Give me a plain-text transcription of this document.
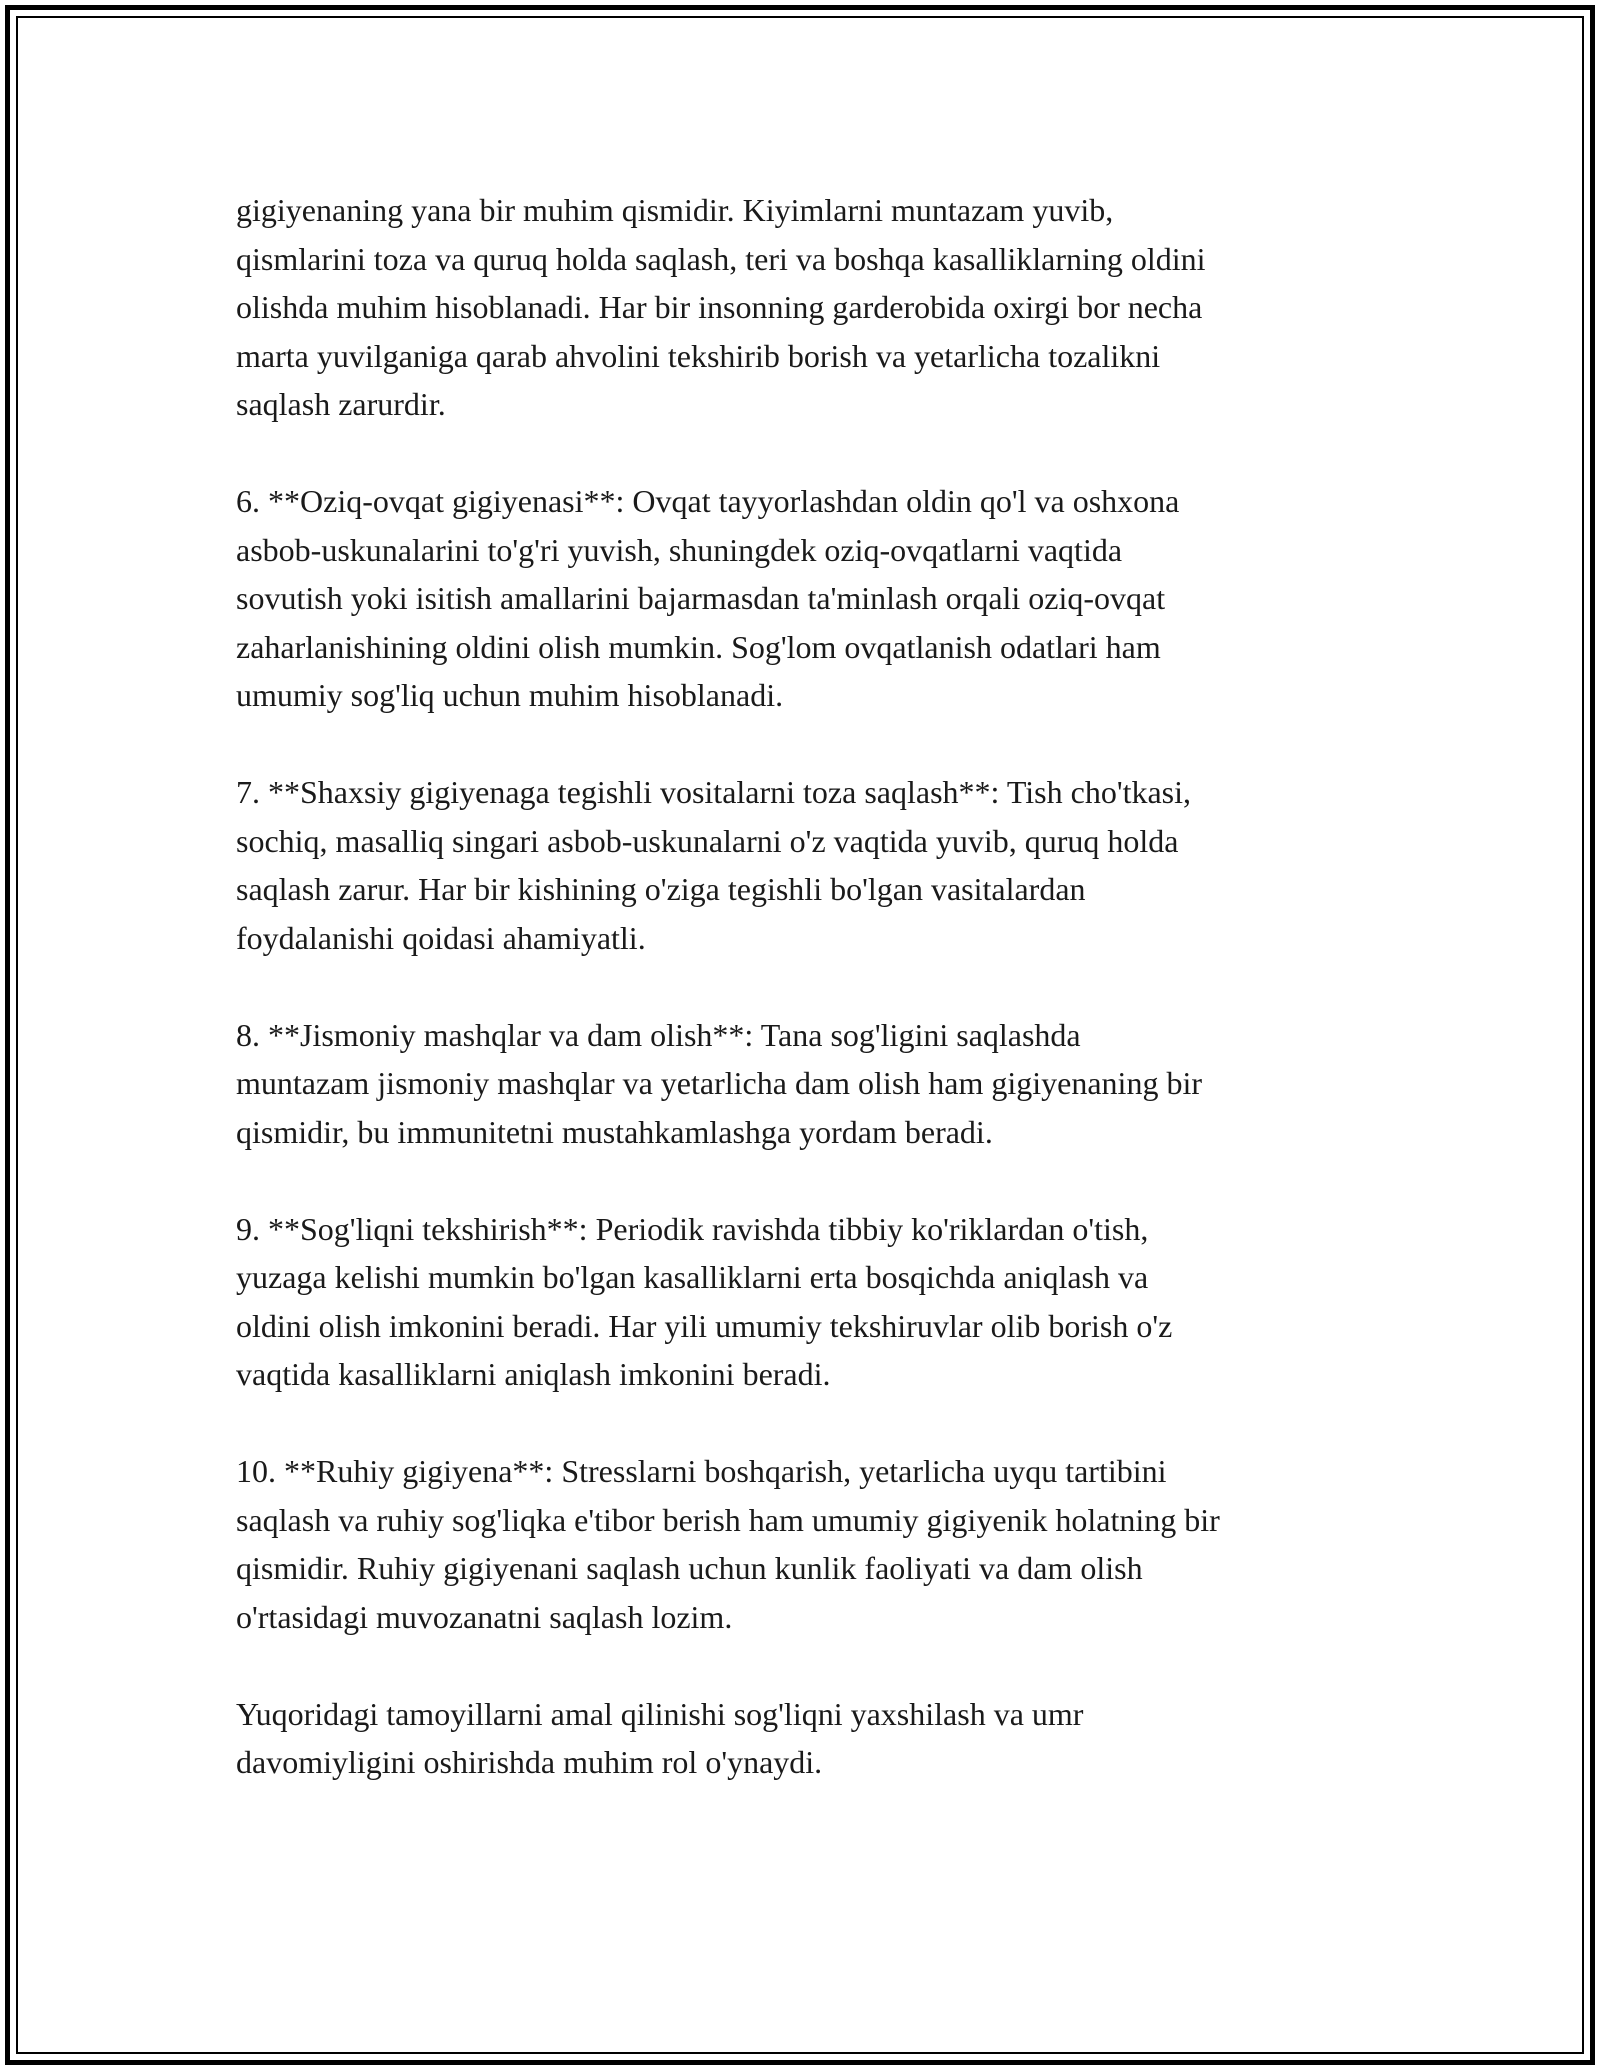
gigiyenaning yana bir muhim qismidir. Kiyimlarni muntazam yuvib,
qismlarini toza va quruq holda saqlash, teri va boshqa kasalliklarning oldini
olishda muhim hisoblanadi. Har bir insonning garderobida oxirgi bor necha
marta yuvilganiga qarab ahvolini tekshirib borish va yetarlicha tozalikni
saqlash zarurdir.

6. **Oziq-ovqat gigiyenasi**: Ovqat tayyorlashdan oldin qo'l va oshxona
asbob-uskunalarini to'g'ri yuvish, shuningdek oziq-ovqatlarni vaqtida
sovutish yoki isitish amallarini bajarmasdan ta'minlash orqali oziq-ovqat
zaharlanishining oldini olish mumkin. Sog'lom ovqatlanish odatlari ham
umumiy sog'liq uchun muhim hisoblanadi.

7. **Shaxsiy gigiyenaga tegishli vositalarni toza saqlash**: Tish cho'tkasi,
sochiq, masalliq singari asbob-uskunalarni o'z vaqtida yuvib, quruq holda
saqlash zarur. Har bir kishining o'ziga tegishli bo'lgan vasitalardan
foydalanishi qoidasi ahamiyatli.

8. **Jismoniy mashqlar va dam olish**: Tana sog'ligini saqlashda
muntazam jismoniy mashqlar va yetarlicha dam olish ham gigiyenaning bir
qismidir, bu immunitetni mustahkamlashga yordam beradi.

9. **Sog'liqni tekshirish**: Periodik ravishda tibbiy ko'riklardan o'tish,
yuzaga kelishi mumkin bo'lgan kasalliklarni erta bosqichda aniqlash va
oldini olish imkonini beradi. Har yili umumiy tekshiruvlar olib borish o'z
vaqtida kasalliklarni aniqlash imkonini beradi.

10. **Ruhiy gigiyena**: Stresslarni boshqarish, yetarlicha uyqu tartibini
saqlash va ruhiy sog'liqka e'tibor berish ham umumiy gigiyenik holatning bir
qismidir. Ruhiy gigiyenani saqlash uchun kunlik faoliyati va dam olish
o'rtasidagi muvozanatni saqlash lozim.

Yuqoridagi tamoyillarni amal qilinishi sog'liqni yaxshilash va umr
davomiyligini oshirishda muhim rol o'ynaydi.
